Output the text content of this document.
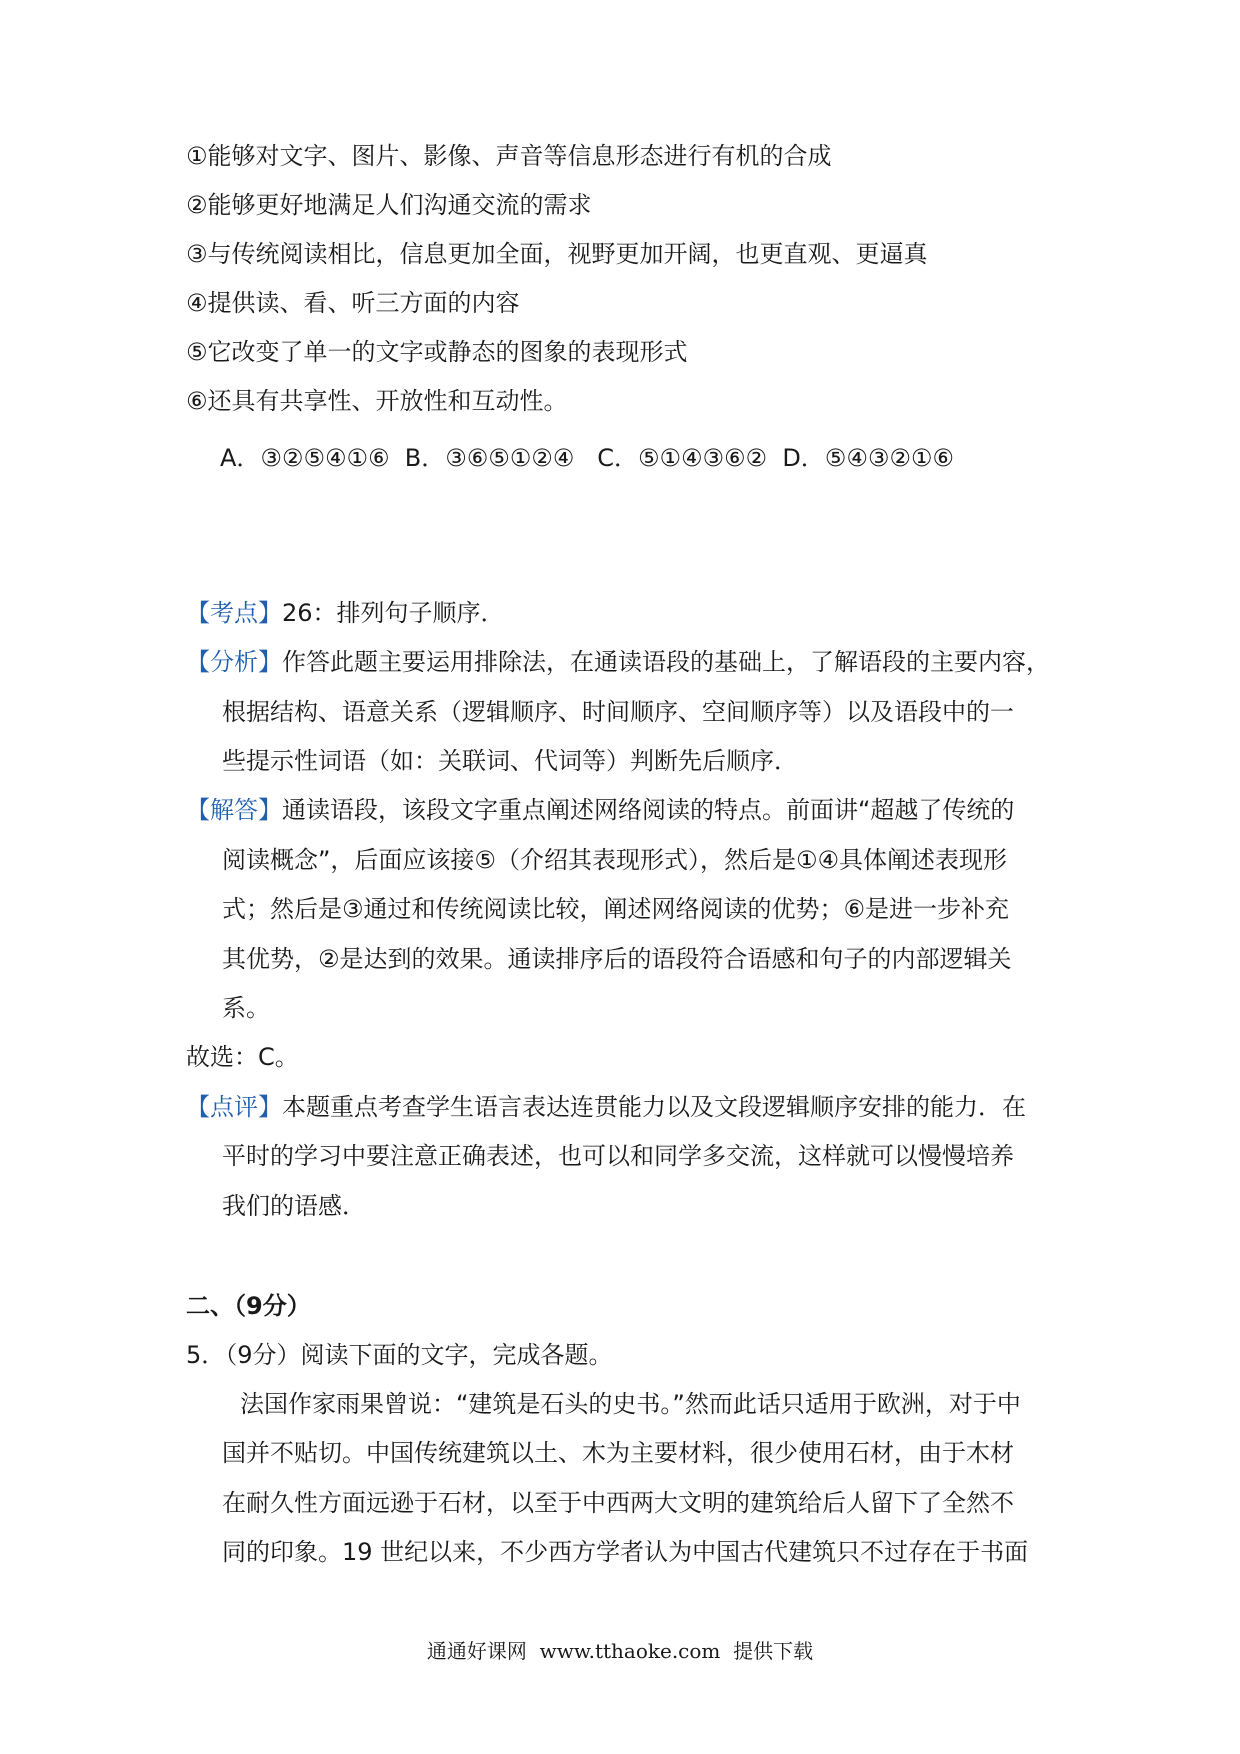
①能够对文字、图片、影像、声音等信息形态进行有机的合成
②能够更好地满足人们沟通交流的需求
③与传统阅读相比，信息更加全面，视野更加开阔，也更直观、更逼真
④提供读、看、听三方面的内容
⑤它改变了单一的文字或静态的图象的表现形式
⑥还具有共享性、开放性和互动性。
A．③②⑤④①⑥  B．③⑥⑤①②④   C．⑤①④③⑥②  D．⑤④③②①⑥
【考点】26：排列句子顺序．
【分析】作答此题主要运用排除法，在通读语段的基础上，了解语段的主要内容，
根据结构、语意关系（逻辑顺序、时间顺序、空间顺序等）以及语段中的一
些提示性词语（如：关联词、代词等）判断先后顺序．
【解答】通读语段，该段文字重点阐述网络阅读的特点。前面讲“超越了传统的
阅读概念”，后面应该接⑤（介绍其表现形式），然后是①④具体阐述表现形
式；然后是③通过和传统阅读比较，阐述网络阅读的优势；⑥是进一步补充
其优势，②是达到的效果。通读排序后的语段符合语感和句子的内部逻辑关
系。
故选：C。
【点评】本题重点考查学生语言表达连贯能力以及文段逻辑顺序安排的能力．在
平时的学习中要注意正确表述，也可以和同学多交流，这样就可以慢慢培养
我们的语感．
二、（9分）
5．（9分）阅读下面的文字，完成各题。
法国作家雨果曾说：“建筑是石头的史书。”然而此话只适用于欧洲，对于中
国并不贴切。中国传统建筑以土、木为主要材料，很少使用石材，由于木材
在耐久性方面远逊于石材，以至于中西两大文明的建筑给后人留下了全然不
同的印象。19 世纪以来，不少西方学者认为中国古代建筑只不过存在于书面
通通好课网  www.tthaoke.com  提供下载
